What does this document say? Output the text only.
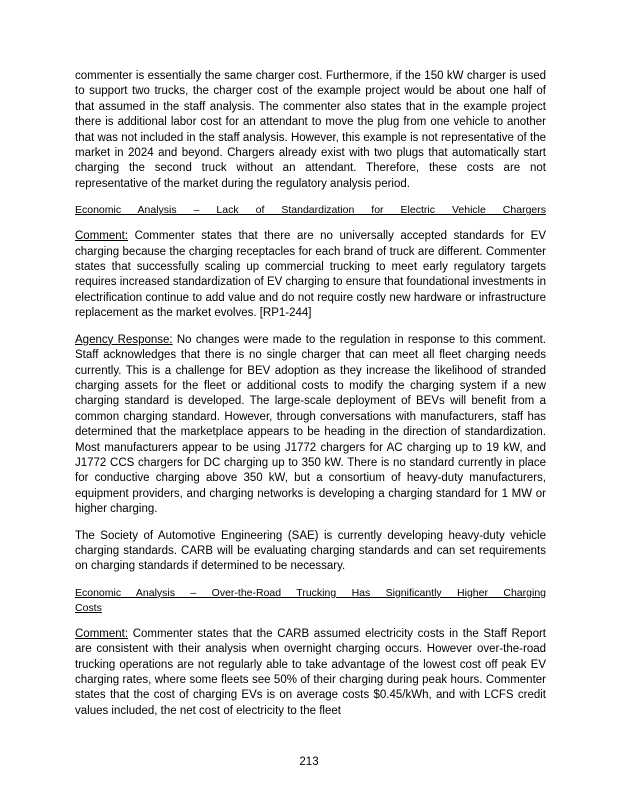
commenter is essentially the same charger cost. Furthermore, if the 150 kW charger is used to support two trucks, the charger cost of the example project would be about one half of that assumed in the staff analysis. The commenter also states that in the example project there is additional labor cost for an attendant to move the plug from one vehicle to another that was not included in the staff analysis. However, this example is not representative of the market in 2024 and beyond. Chargers already exist with two plugs that automatically start charging the second truck without an attendant. Therefore, these costs are not representative of the market during the regulatory analysis period.

Economic Analysis – Lack of Standardization for Electric Vehicle Chargers

Comment: Commenter states that there are no universally accepted standards for EV charging because the charging receptacles for each brand of truck are different. Commenter states that successfully scaling up commercial trucking to meet early regulatory targets requires increased standardization of EV charging to ensure that foundational investments in electrification continue to add value and do not require costly new hardware or infrastructure replacement as the market evolves. [RP1-244]

Agency Response: No changes were made to the regulation in response to this comment. Staff acknowledges that there is no single charger that can meet all fleet charging needs currently. This is a challenge for BEV adoption as they increase the likelihood of stranded charging assets for the fleet or additional costs to modify the charging system if a new charging standard is developed. The large-scale deployment of BEVs will benefit from a common charging standard. However, through conversations with manufacturers, staff has determined that the marketplace appears to be heading in the direction of standardization. Most manufacturers appear to be using J1772 chargers for AC charging up to 19 kW, and J1772 CCS chargers for DC charging up to 350 kW. There is no standard currently in place for conductive charging above 350 kW, but a consortium of heavy-duty manufacturers, equipment providers, and charging networks is developing a charging standard for 1 MW or higher charging.

The Society of Automotive Engineering (SAE) is currently developing heavy-duty vehicle charging standards. CARB will be evaluating charging standards and can set requirements on charging standards if determined to be necessary.

Economic Analysis – Over-the-Road Trucking Has Significantly Higher Charging
Costs

Comment: Commenter states that the CARB assumed electricity costs in the Staff Report are consistent with their analysis when overnight charging occurs. However over-the-road trucking operations are not regularly able to take advantage of the lowest cost off peak EV charging rates, where some fleets see 50% of their charging during peak hours. Commenter states that the cost of charging EVs is on average costs $0.45/kWh, and with LCFS credit values included, the net cost of electricity to the fleet

213
